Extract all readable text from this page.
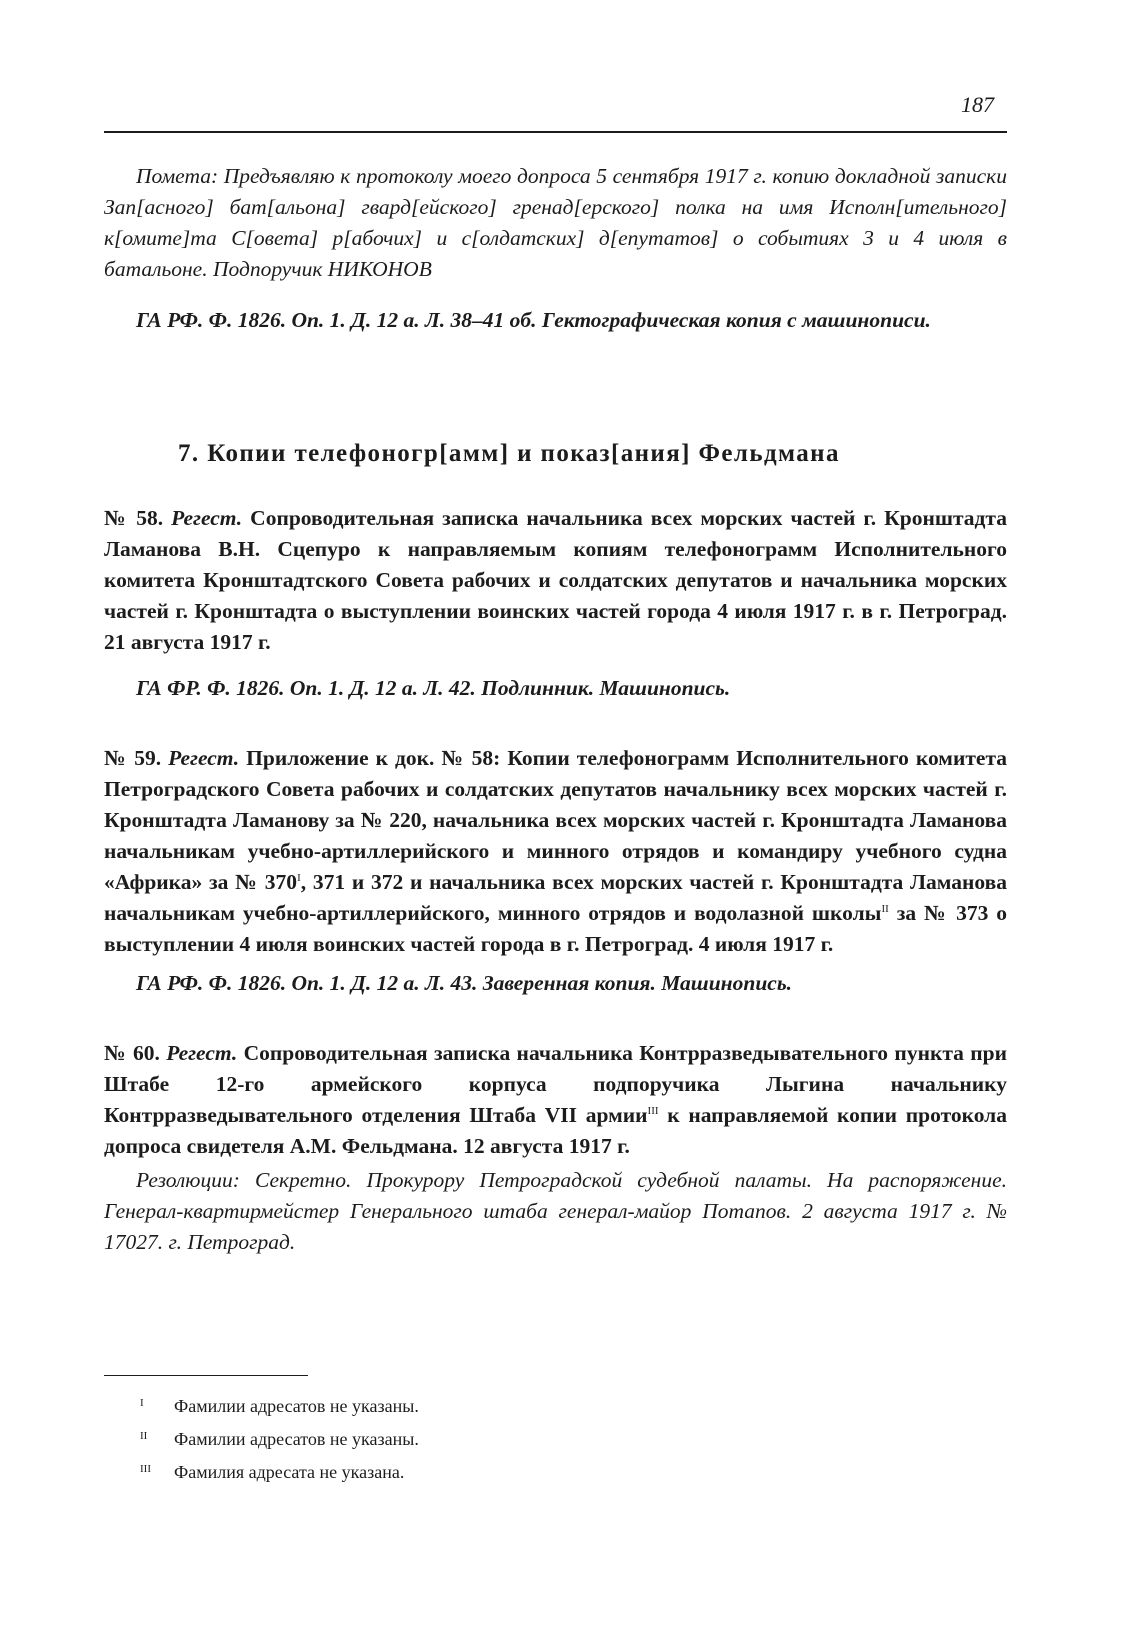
187
Помета: Предъявляю к протоколу моего допроса 5 сентября 1917 г. копию докладной записки Зап[асного] бат[альона] гвард[ейского] гренад[ерского] полка на имя Исполн[ительного] к[омите]та С[овета] р[абочих] и с[олдатских] д[епутатов] о событиях 3 и 4 июля в батальоне. Подпоручик НИКОНОВ
ГА РФ. Ф. 1826. Оп. 1. Д. 12 а. Л. 38–41 об. Гектографическая копия с машинописи.
7. Копии телефоногр[амм] и показ[ания] Фельдмана
№ 58. Регест. Сопроводительная записка начальника всех морских частей г. Кронштадта Ламанова В.Н. Сцепуро к направляемым копиям телефонограмм Исполнительного комитета Кронштадтского Совета рабочих и солдатских депутатов и начальника морских частей г. Кронштадта о выступлении воинских частей города 4 июля 1917 г. в г. Петроград. 21 августа 1917 г.
ГА ФР. Ф. 1826. Оп. 1. Д. 12 а. Л. 42. Подлинник. Машинопись.
№ 59. Регест. Приложение к док. № 58: Копии телефонограмм Исполнительного комитета Петроградского Совета рабочих и солдатских депутатов начальнику всех морских частей г. Кронштадта Ламанову за № 220, начальника всех морских частей г. Кронштадта Ламанова начальникам учебно-артиллерийского и минного отрядов и командиру учебного судна «Африка» за № $370^I$, 371 и 372 и начальника всех морских частей г. Кронштадта Ламанова начальникам учебно-артиллерийского, минного отрядов и водолазной школы$^{II}$ за № 373 о выступлении 4 июля воинских частей города в г. Петроград. 4 июля 1917 г.
ГА РФ. Ф. 1826. Оп. 1. Д. 12 а. Л. 43. Заверенная копия. Машинопись.
№ 60. Регест. Сопроводительная записка начальника Контрразведывательного пункта при Штабе 12-го армейского корпуса подпоручика Лыгина начальнику Контрразведывательного отделения Штаба VII армии$^{III}$ к направляемой копии протокола допроса свидетеля А.М. Фельдмана. 12 августа 1917 г.
Резолюции: Секретно. Прокурору Петроградской судебной палаты. На распоряжение. Генерал-квартирмейстер Генерального штаба генерал-майор Потапов. 2 августа 1917 г. № 17027. г. Петроград.
I Фамилии адресатов не указаны.
II Фамилии адресатов не указаны.
III Фамилия адресата не указана.
